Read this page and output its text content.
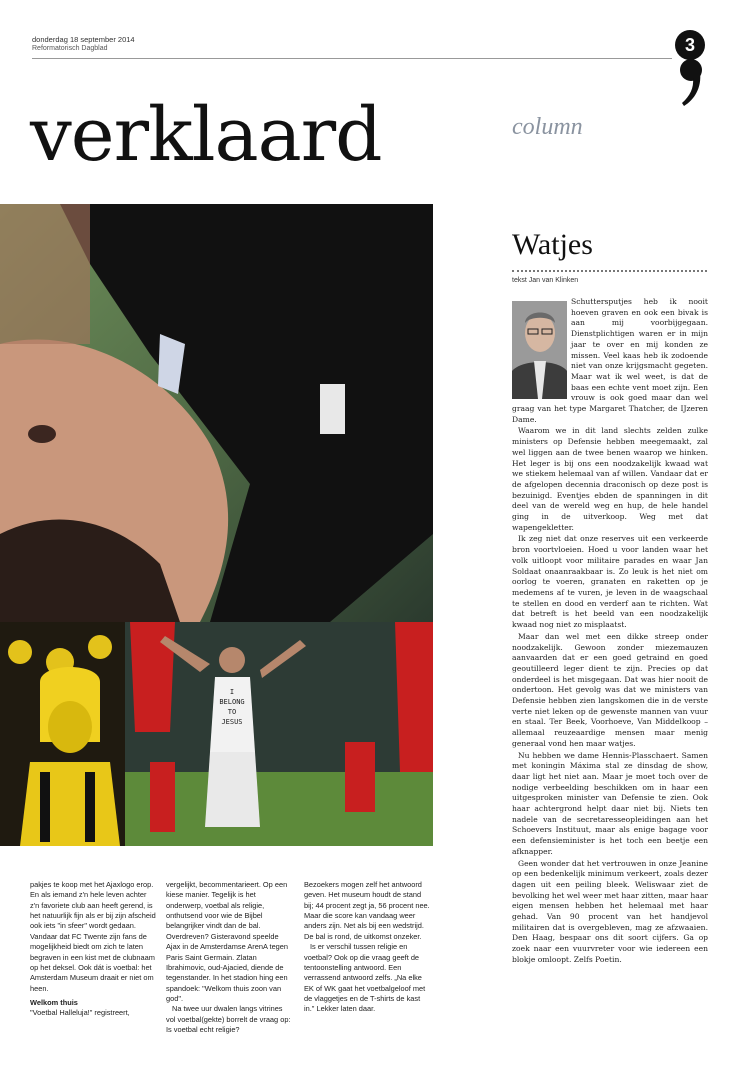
donderdag 18 september 2014
Reformatorisch Dagblad	3
verklaard	column
I
BELONG
TO
JESUS
Watjes
tekst Jan van Klinken

Schuttersputjes heb ik nooit hoeven graven en ook een bivak is aan mij voorbijgegaan. Dienstplichtigen waren er in mijn jaar te over en mij konden ze missen. Veel kaas heb ik zodoende niet van onze krijgsmacht gegeten. Maar wat ik wel weet, is dat de baas een echte vent moet zijn. Een vrouw is ook goed maar dan wel graag van het type Margaret Thatcher, de IJzeren Dame.

Waarom we in dit land slechts zelden zulke ministers op Defensie hebben meegemaakt, zal wel liggen aan de twee benen waarop we hinken. Het leger is bij ons een noodzakelijk kwaad wat we stiekem helemaal van af willen. Vandaar dat er de afgelopen decennia draconisch op deze post is bezuinigd. Eventjes ebden de spanningen in dit deel van de wereld weg en hup, de hele handel ging in de uitverkoop. Weg met dat wapengekletter.

Ik zeg niet dat onze reserves uit een verkeerde bron voortvloeien. Hoed u voor landen waar het volk uitloopt voor militaire parades en waar Jan Soldaat onaanraakbaar is. Zo leuk is het niet om oorlog te voeren, granaten en raketten op je medemens af te vuren, je leven in de waagschaal te stellen en dood en verderf aan te richten. Wat dat betreft is het beeld van een noodzakelijk kwaad nog niet zo misplaatst.

Maar dan wel met een dikke streep onder noodzakelijk. Gewoon zonder miezemauzen aanvaarden dat er een goed getraind en goed geoutilleerd leger dient te zijn. Precies op dat onderdeel is het misgegaan. Dat was hier nooit de ondertoon. Het gevolg was dat we ministers van Defensie hebben zien langskomen die in de verste verte niet leken op de gewenste mannen van vuur en staal. Ter Beek, Voorhoeve, Van Middelkoop – allemaal reuzeaardige mensen maar menig generaal vond hen maar watjes.

Nu hebben we dame Hennis-Plasschaert. Samen met koningin Máxima stal ze dinsdag de show, daar ligt het niet aan. Maar je moet toch over de nodige verbeelding beschikken om in haar een uitgesproken minister van Defensie te zien. Ook haar achtergrond helpt daar niet bij. Niets ten nadele van de secretaresseopleidingen aan het Schoevers Instituut, maar als enige bagage voor een defensieminister is het toch een beetje een afknapper.

Geen wonder dat het vertrouwen in onze Jeanine op een bedenkelijk minimum verkeert, zoals dezer dagen uit een peiling bleek. Weliswaar ziet de bevolking het wel weer met haar zitten, maar haar eigen mensen hebben het helemaal met haar gehad. Van 90 procent van het handjevol militairen dat is overgebleven, mag ze afzwaaien. Den Haag, bespaar ons dit soort cijfers. Ga op zoek naar een vuurvreter voor wie iedereen een blokje omloopt. Zelfs Poetin.

pakjes te koop met het Ajaxlogo erop. En als iemand z'n hele leven achter z'n favoriete club aan heeft gerend, is het natuurlijk fijn als er bij zijn afscheid ook iets "in sfeer" wordt gedaan. Vandaar dat FC Twente zijn fans de mogelijkheid biedt om zich te laten begraven in een kist met de clubnaam op het deksel. Ook dát is voetbal: het Amsterdam Museum draait er niet om heen.
Welkom thuis
"Voetbal Halleluja!" registreert,
vergelijkt, becommentarieert. Op een kiese manier. Tegelijk is het onderwerp, voetbal als religie, onthutsend voor wie de Bijbel belangrijker vindt dan de bal. Overdreven? Gisteravond speelde Ajax in de Amsterdamse ArenA tegen Paris Saint Germain. Zlatan Ibrahimovic, oud-Ajacied, diende de tegenstander. In het stadion hing een spandoek: "Welkom thuis zoon van god".
Na twee uur dwalen langs vitrines vol voetbal(gekte) borrelt de vraag op: Is voetbal echt religie?
Bezoekers mogen zelf het antwoord geven. Het museum houdt de stand bij; 44 procent zegt ja, 56 procent nee. Maar die score kan vandaag weer anders zijn. Net als bij een wedstrijd. De bal is rond, de uitkomst onzeker.
Is er verschil tussen religie en voetbal? Ook op die vraag geeft de tentoonstelling antwoord. Een verrassend antwoord zelfs. „Na elke EK of WK gaat het voetbalgeloof met de vlaggetjes en de T-shirts de kast in." Lekker laten daar.
